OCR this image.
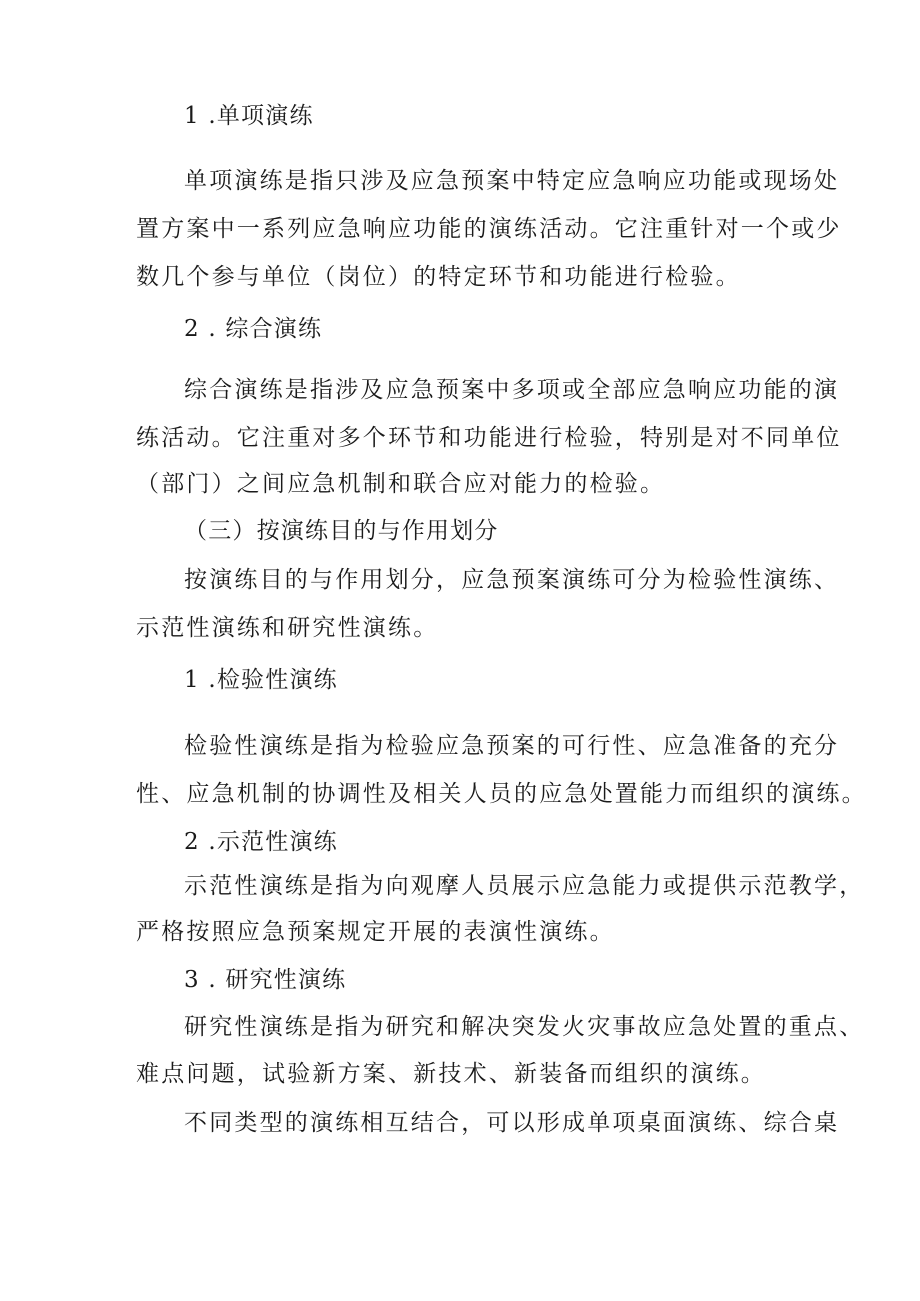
1 .单项演练
单项演练是指只涉及应急预案中特定应急响应功能或现场处
置方案中一系列应急响应功能的演练活动。它注重针对一个或少
数几个参与单位（岗位）的特定环节和功能进行检验。
2 . 综合演练
综合演练是指涉及应急预案中多项或全部应急响应功能的演
练活动。它注重对多个环节和功能进行检验，特别是对不同单位
（部门）之间应急机制和联合应对能力的检验。
（三）按演练目的与作用划分
按演练目的与作用划分，应急预案演练可分为检验性演练、
示范性演练和研究性演练。
1 .检验性演练
检验性演练是指为检验应急预案的可行性、应急准备的充分
性、应急机制的协调性及相关人员的应急处置能力而组织的演练。
2 .示范性演练
示范性演练是指为向观摩人员展示应急能力或提供示范教学，
严格按照应急预案规定开展的表演性演练。
3 . 研究性演练
研究性演练是指为研究和解决突发火灾事故应急处置的重点、
难点问题，试验新方案、新技术、新装备而组织的演练。
不同类型的演练相互结合，可以形成单项桌面演练、综合桌
